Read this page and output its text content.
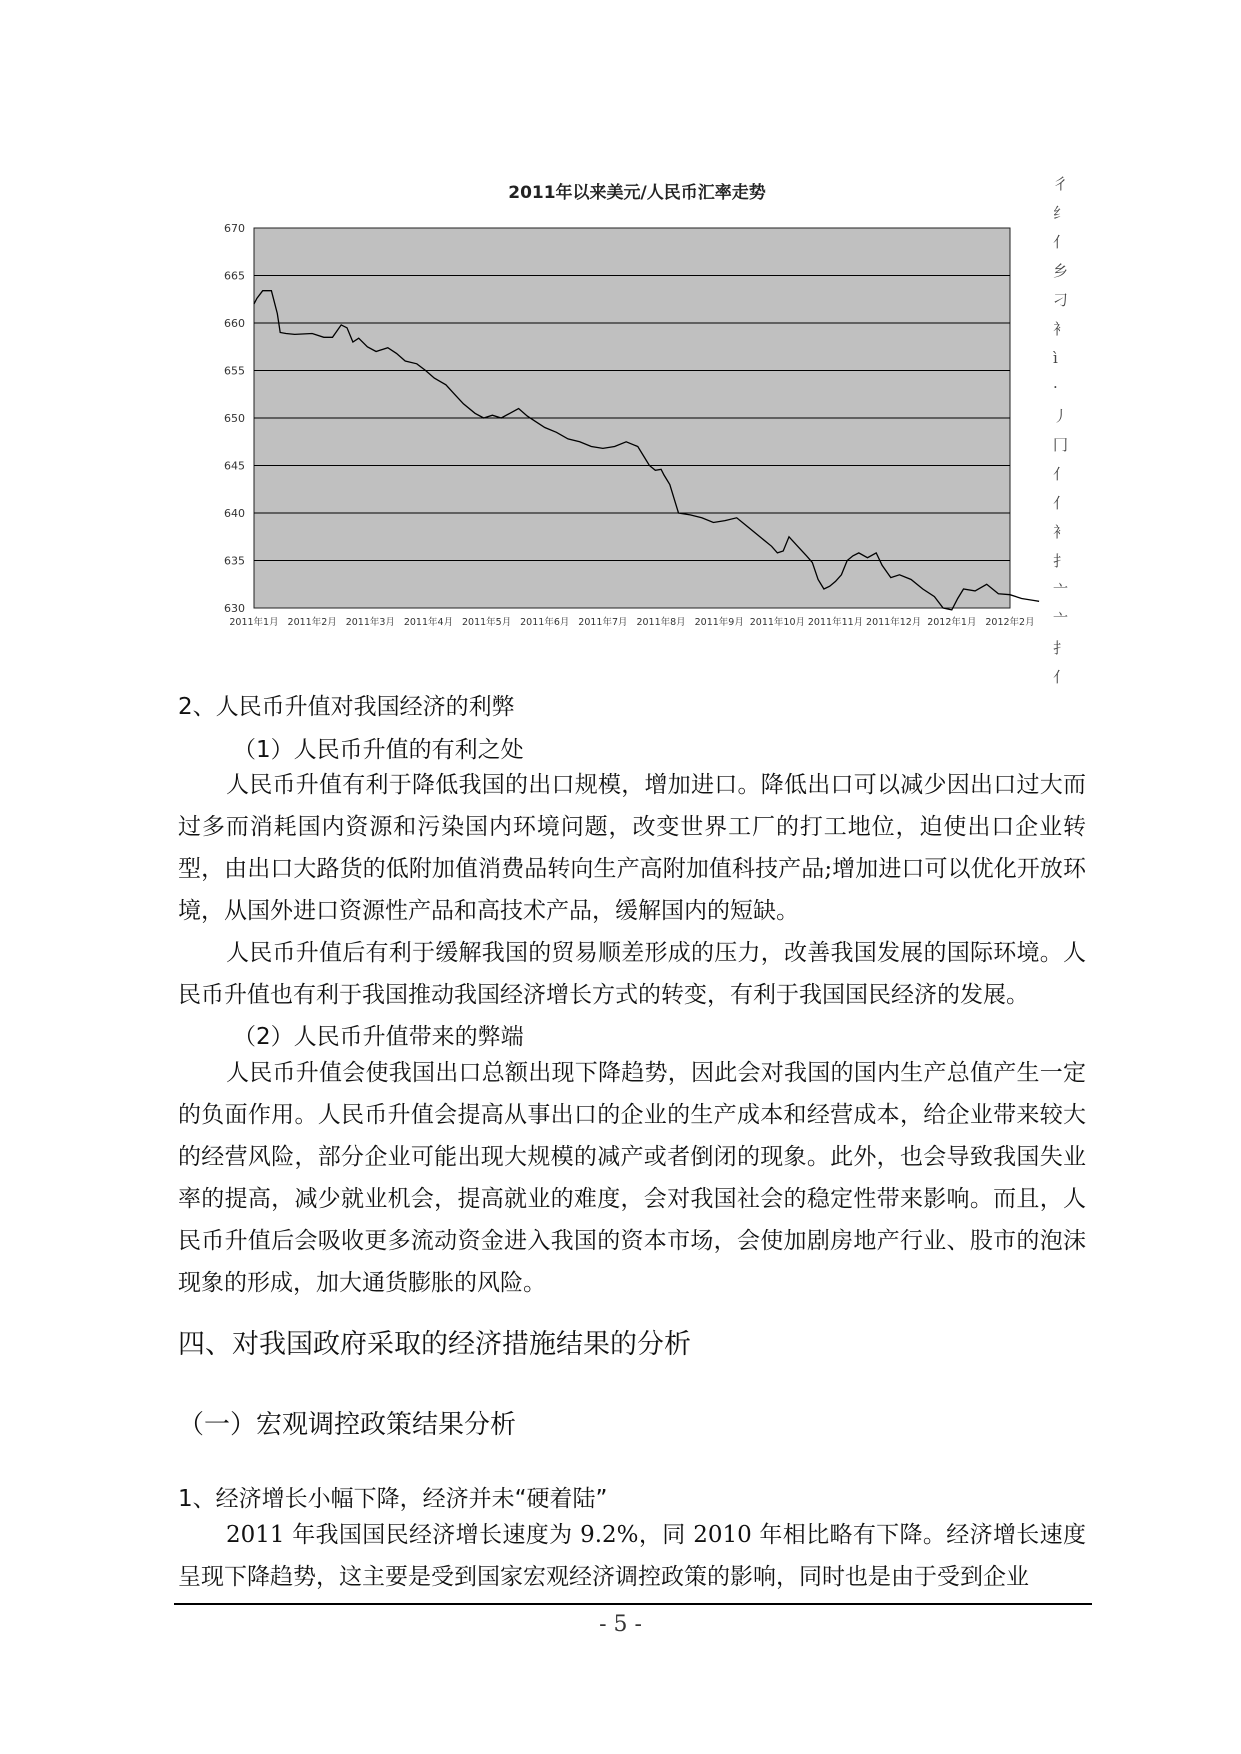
2011年以来美元/人民币汇率走势
670
665
660
655
650
645
640
635
630
2011年1月 2011年2月 2011年3月 2011年4月 2011年5月 2011年6月 2011年7月 2011年8月 2011年9月 2011年10月 2011年11月 2011年12月 2012年1月 2012年2月
彳
纟
亻
乡
刁
衤
ì
·
丿
冂
亻
亻
衤
扌
亠
亠
扌
亻
2、人民币升值对我国经济的利弊
（1）人民币升值的有利之处
人民币升值有利于降低我国的出口规模，增加进口。降低出口可以减少因出口过大而过多而消耗国内资源和污染国内环境问题，改变世界工厂的打工地位，迫使出口企业转型，由出口大路货的低附加值消费品转向生产高附加值科技产品;增加进口可以优化开放环境，从国外进口资源性产品和高技术产品，缓解国内的短缺。
人民币升值后有利于缓解我国的贸易顺差形成的压力，改善我国发展的国际环境。人民币升值也有利于我国推动我国经济增长方式的转变，有利于我国国民经济的发展。
（2）人民币升值带来的弊端
人民币升值会使我国出口总额出现下降趋势，因此会对我国的国内生产总值产生一定的负面作用。人民币升值会提高从事出口的企业的生产成本和经营成本，给企业带来较大的经营风险，部分企业可能出现大规模的减产或者倒闭的现象。此外，也会导致我国失业率的提高，减少就业机会，提高就业的难度，会对我国社会的稳定性带来影响。而且，人民币升值后会吸收更多流动资金进入我国的资本市场，会使加剧房地产行业、股市的泡沫现象的形成，加大通货膨胀的风险。
四、对我国政府采取的经济措施结果的分析
（一）宏观调控政策结果分析
1、经济增长小幅下降，经济并未“硬着陆”
2011 年我国国民经济增长速度为 9.2%，同 2010 年相比略有下降。经济增长速度呈现下降趋势，这主要是受到国家宏观经济调控政策的影响，同时也是由于受到企业
- 5 -
